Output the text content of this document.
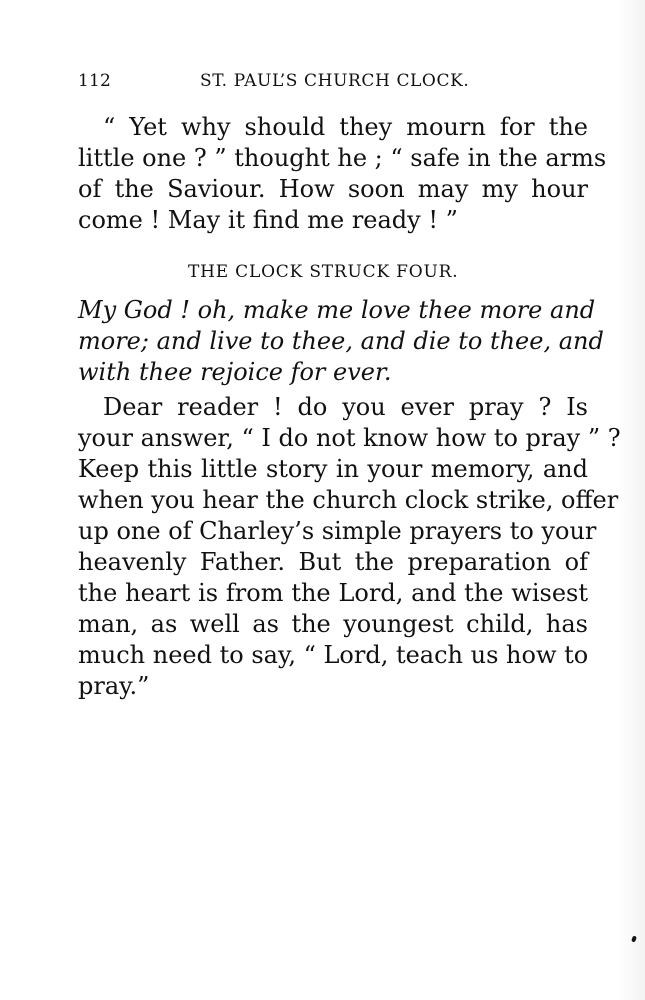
112	ST. PAUL’S CHURCH CLOCK.
“ Yet why should they mourn for the
little one ? ” thought he ; “ safe in the arms
of the Saviour. How soon may my hour
come ! May it find me ready ! ”
THE CLOCK STRUCK FOUR.
My God ! oh, make me love thee more and
more; and live to thee, and die to thee, and
with thee rejoice for ever.
Dear reader ! do you ever pray ? Is
your answer, “ I do not know how to pray ” ?
Keep this little story in your memory, and
when you hear the church clock strike, offer
up one of Charley’s simple prayers to your
heavenly Father. But the preparation of
the heart is from the Lord, and the wisest
man, as well as the youngest child, has
much need to say, “ Lord, teach us how to
pray.”
